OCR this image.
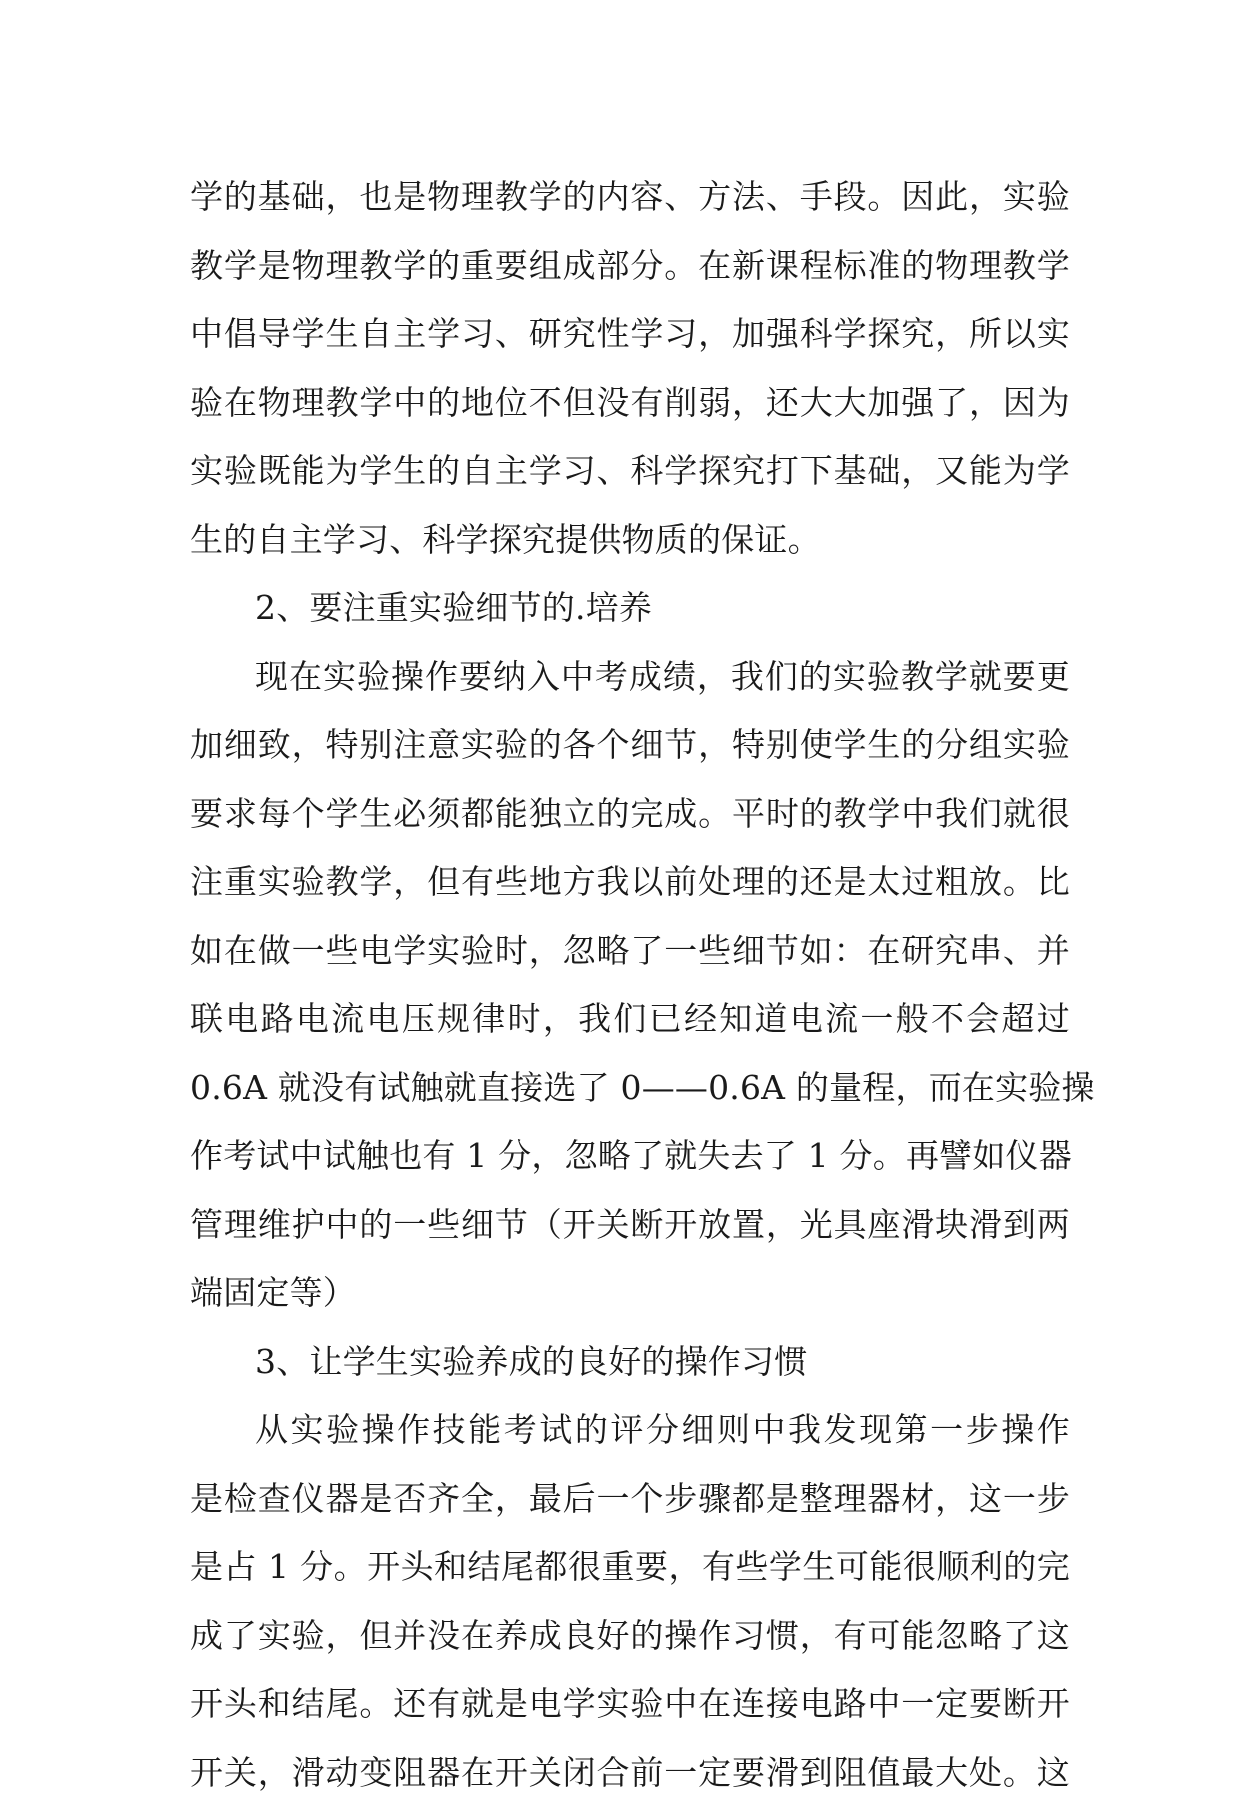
学的基础，也是物理教学的内容、方法、手段。因此，实验
教学是物理教学的重要组成部分。在新课程标准的物理教学
中倡导学生自主学习、研究性学习，加强科学探究，所以实
验在物理教学中的地位不但没有削弱，还大大加强了，因为
实验既能为学生的自主学习、科学探究打下基础，又能为学
生的自主学习、科学探究提供物质的保证。
2、要注重实验细节的.培养
现在实验操作要纳入中考成绩，我们的实验教学就要更
加细致，特别注意实验的各个细节，特别使学生的分组实验
要求每个学生必须都能独立的完成。平时的教学中我们就很
注重实验教学，但有些地方我以前处理的还是太过粗放。比
如在做一些电学实验时，忽略了一些细节如：在研究串、并
联电路电流电压规律时，我们已经知道电流一般不会超过
0.6A 就没有试触就直接选了 0——0.6A 的量程，而在实验操
作考试中试触也有 1 分，忽略了就失去了 1 分。再譬如仪器
管理维护中的一些细节（开关断开放置，光具座滑块滑到两
端固定等）
3、让学生实验养成的良好的操作习惯
从实验操作技能考试的评分细则中我发现第一步操作
是检查仪器是否齐全，最后一个步骤都是整理器材，这一步
是占 1 分。开头和结尾都很重要，有些学生可能很顺利的完
成了实验，但并没在养成良好的操作习惯，有可能忽略了这
开头和结尾。还有就是电学实验中在连接电路中一定要断开
开关，滑动变阻器在开关闭合前一定要滑到阻值最大处。这
